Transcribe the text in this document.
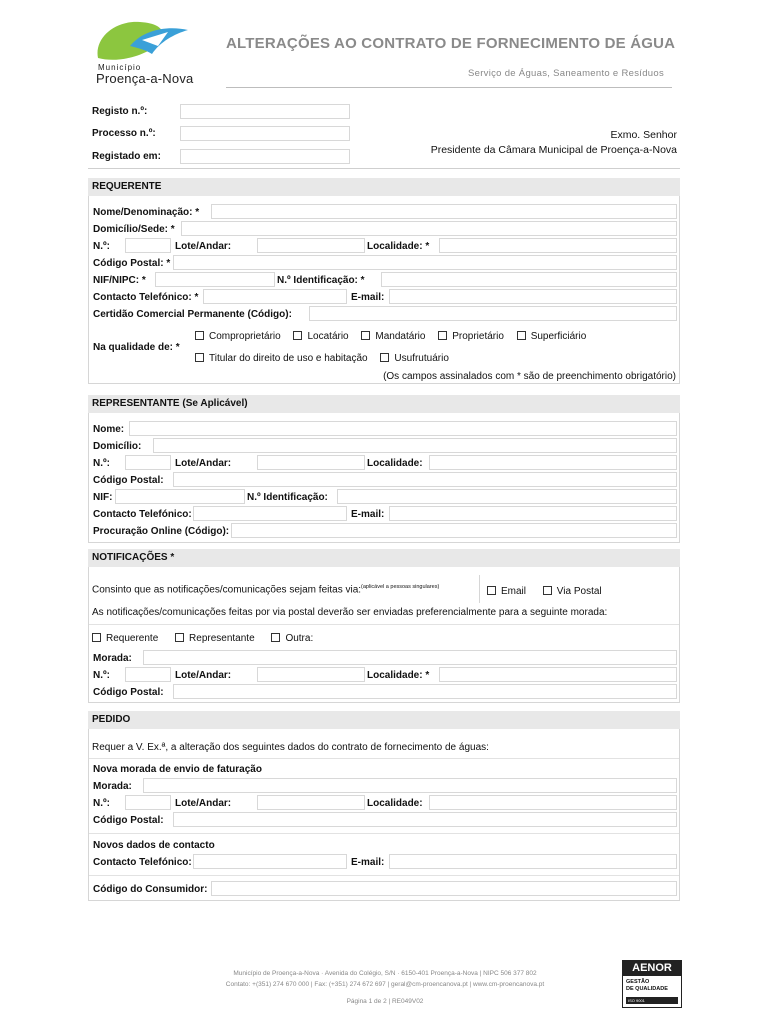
Município
Proença-a-Nova
ALTERAÇÕES AO CONTRATO DE FORNECIMENTO DE ÁGUA
Serviço de Águas, Saneamento e Resíduos
Registo n.º:
Processo n.º:
Registado em:
Exmo. Senhor
Presidente da Câmara Municipal de Proença-a-Nova
REQUERENTE
Nome/Denominação: *
Domicílio/Sede: *
N.º:	Lote/Andar:	Localidade: *
Código Postal: *
NIF/NIPC: *	N.º Identificação: *
Contacto Telefónico: *	E-mail:
Certidão Comercial Permanente (Código):
Na qualidade de: *
Comproprietário	Locatário	Mandatário	Proprietário	Superficiário
Titular do direito de uso e habitação	Usufrutuário
(Os campos assinalados com * são de preenchimento obrigatório)
REPRESENTANTE (Se Aplicável)
Nome:
Domicílio:
N.º:	Lote/Andar:	Localidade:
Código Postal:
NIF:	N.º Identificação:
Contacto Telefónico:	E-mail:
Procuração Online (Código):
NOTIFICAÇÕES *
Consinto que as notificações/comunicações sejam feitas via:$^{(aplicável a pessoas singulares)}$	Email	Via Postal
As notificações/comunicações feitas por via postal deverão ser enviadas preferencialmente para a seguinte morada:
Requerente	Representante	Outra:
Morada:
N.º:	Lote/Andar:	Localidade: *
Código Postal:
PEDIDO
Requer a V. Ex.ª, a alteração dos seguintes dados do contrato de fornecimento de águas:
Nova morada de envio de faturação
Morada:
N.º:	Lote/Andar:	Localidade:
Código Postal:
Novos dados de contacto
Contacto Telefónico:	E-mail:
Código do Consumidor:
Município de Proença-a-Nova · Avenida do Colégio, S/N · 6150-401 Proença-a-Nova | NIPC 506 377 802
Contato: +(351) 274 670 000 | Fax: (+351) 274 672 697 | geral@cm-proencanova.pt | www.cm-proencanova.pt
Página 1 de 2 | RE049V02
AENOR
GESTÃO
DE QUALIDADE
ISO 9001
